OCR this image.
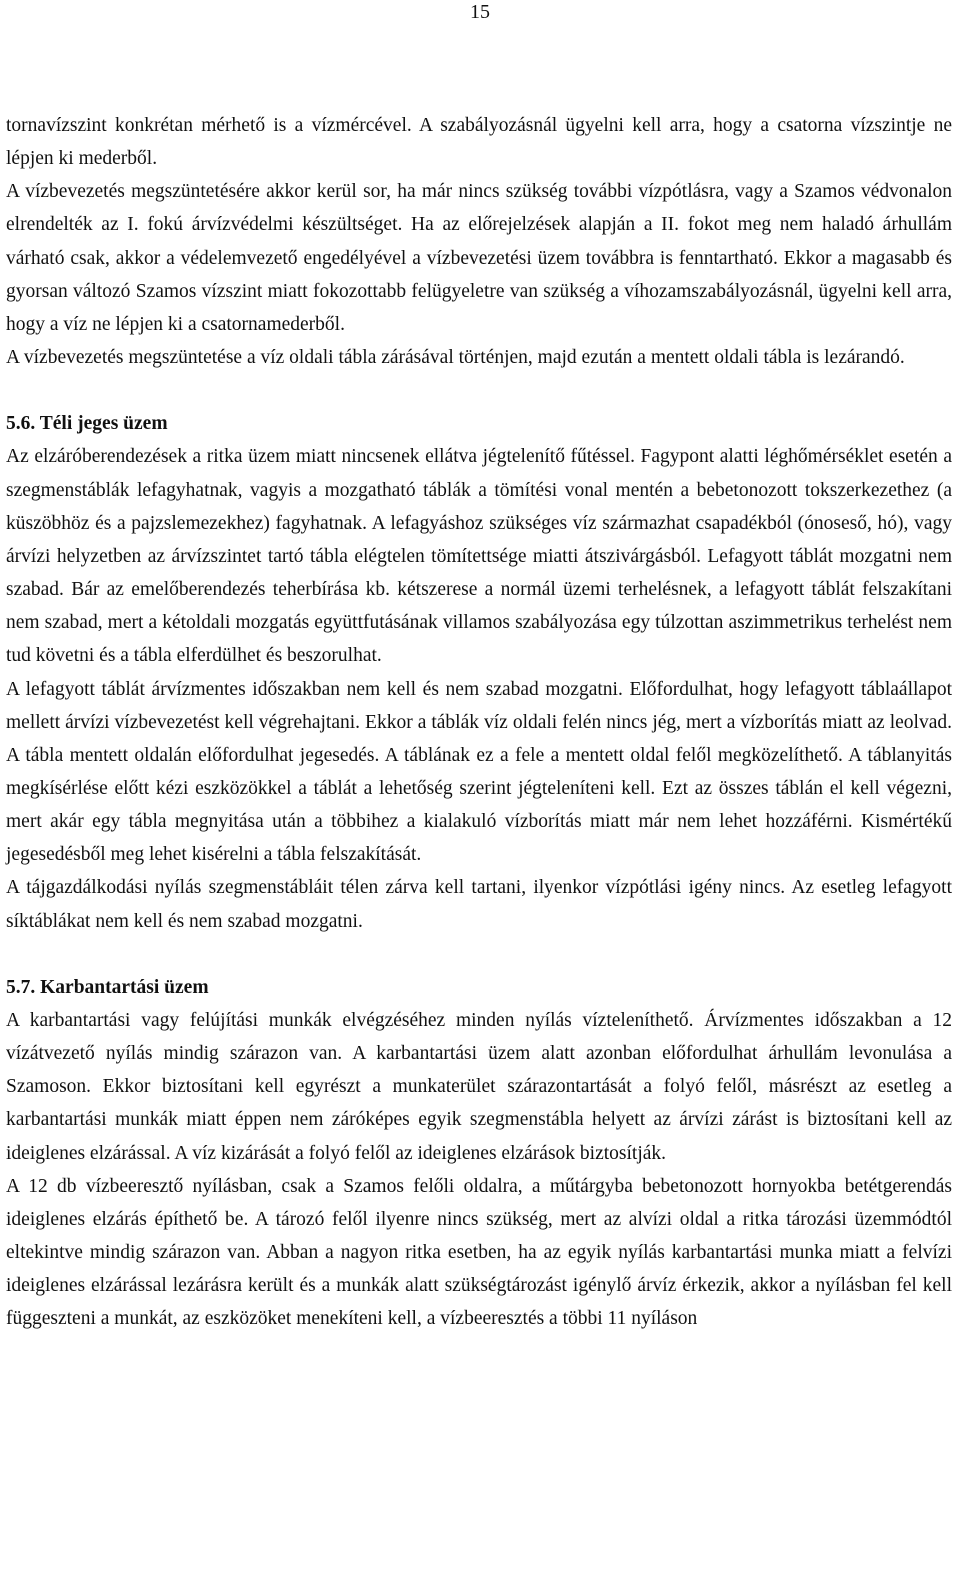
15

tornavízszint konkrétan mérhető is a vízmércével. A szabályozásnál ügyelni kell arra, hogy a csatorna vízszintje ne lépjen ki mederből.

A vízbevezetés megszüntetésére akkor kerül sor, ha már nincs szükség további vízpótlásra, vagy a Szamos védvonalon elrendelték az I. fokú árvízvédelmi készültséget. Ha az előrejelzések alapján a II. fokot meg nem haladó árhullám várható csak, akkor a védelemvezető engedélyével a vízbevezetési üzem továbbra is fenntartható. Ekkor a magasabb és gyorsan változó Szamos vízszint miatt fokozottabb felügyeletre van szükség a víhozamszabályozásnál, ügyelni kell arra, hogy a víz ne lépjen ki a csatornamederből.

A vízbevezetés megszüntetése a víz oldali tábla zárásával történjen, majd ezután a mentett oldali tábla is lezárandó.

5.6. Téli jeges üzem

Az elzáróberendezések a ritka üzem miatt nincsenek ellátva jégtelenítő fűtéssel. Fagypont alatti léghőmérséklet esetén a szegmenstáblák lefagyhatnak, vagyis a mozgatható táblák a tömítési vonal mentén a bebetonozott tokszerkezethez (a küszöbhöz és a pajzslemezekhez) fagyhatnak. A lefagyáshoz szükséges víz származhat csapadékból (ónoseső, hó), vagy árvízi helyzetben az árvízszintet tartó tábla elégtelen tömítettsége miatti átszivárgásból. Lefagyott táblát mozgatni nem szabad. Bár az emelőberendezés teherbírása kb. kétszerese a normál üzemi terhelésnek, a lefagyott táblát felszakítani nem szabad, mert a kétoldali mozgatás együttfutásának villamos szabályozása egy túlzottan aszimmetrikus terhelést nem tud követni és a tábla elferdülhet és beszorulhat.

A lefagyott táblát árvízmentes időszakban nem kell és nem szabad mozgatni. Előfordulhat, hogy lefagyott táblaállapot mellett árvízi vízbevezetést kell végrehajtani. Ekkor a táblák víz oldali felén nincs jég, mert a vízborítás miatt az leolvad. A tábla mentett oldalán előfordulhat jegesedés. A táblának ez a fele a mentett oldal felől megközelíthető. A táblanyitás megkísérlése előtt kézi eszközökkel a táblát a lehetőség szerint jégteleníteni kell. Ezt az összes táblán el kell végezni, mert akár egy tábla megnyitása után a többihez a kialakuló vízborítás miatt már nem lehet hozzáférni. Kismértékű jegesedésből meg lehet kisérelni a tábla felszakítását.

A tájgazdálkodási nyílás szegmenstábláit télen zárva kell tartani, ilyenkor vízpótlási igény nincs. Az esetleg lefagyott síktáblákat nem kell és nem szabad mozgatni.

5.7. Karbantartási üzem

A karbantartási vagy felújítási munkák elvégzéséhez minden nyílás vízteleníthető. Árvízmentes időszakban a 12 vízátvezető nyílás mindig szárazon van. A karbantartási üzem alatt azonban előfordulhat árhullám levonulása a Szamoson. Ekkor biztosítani kell egyrészt a munkaterület szárazontartását a folyó felől, másrészt az esetleg a karbantartási munkák miatt éppen nem záróképes egyik szegmenstábla helyett az árvízi zárást is biztosítani kell az ideiglenes elzárással. A víz kizárását a folyó felől az ideiglenes elzárások biztosítják.

A 12 db vízbeeresztő nyílásban, csak a Szamos felőli oldalra, a műtárgyba bebetonozott hornyokba betétgerendás ideiglenes elzárás építhető be. A tározó felől ilyenre nincs szükség, mert az alvízi oldal a ritka tározási üzemmódtól eltekintve mindig szárazon van. Abban a nagyon ritka esetben, ha az egyik nyílás karbantartási munka miatt a felvízi ideiglenes elzárással lezárásra került és a munkák alatt szükségtározást igénylő árvíz érkezik, akkor a nyílásban fel kell függeszteni a munkát, az eszközöket menekíteni kell, a vízbeeresztés a többi 11 nyíláson
